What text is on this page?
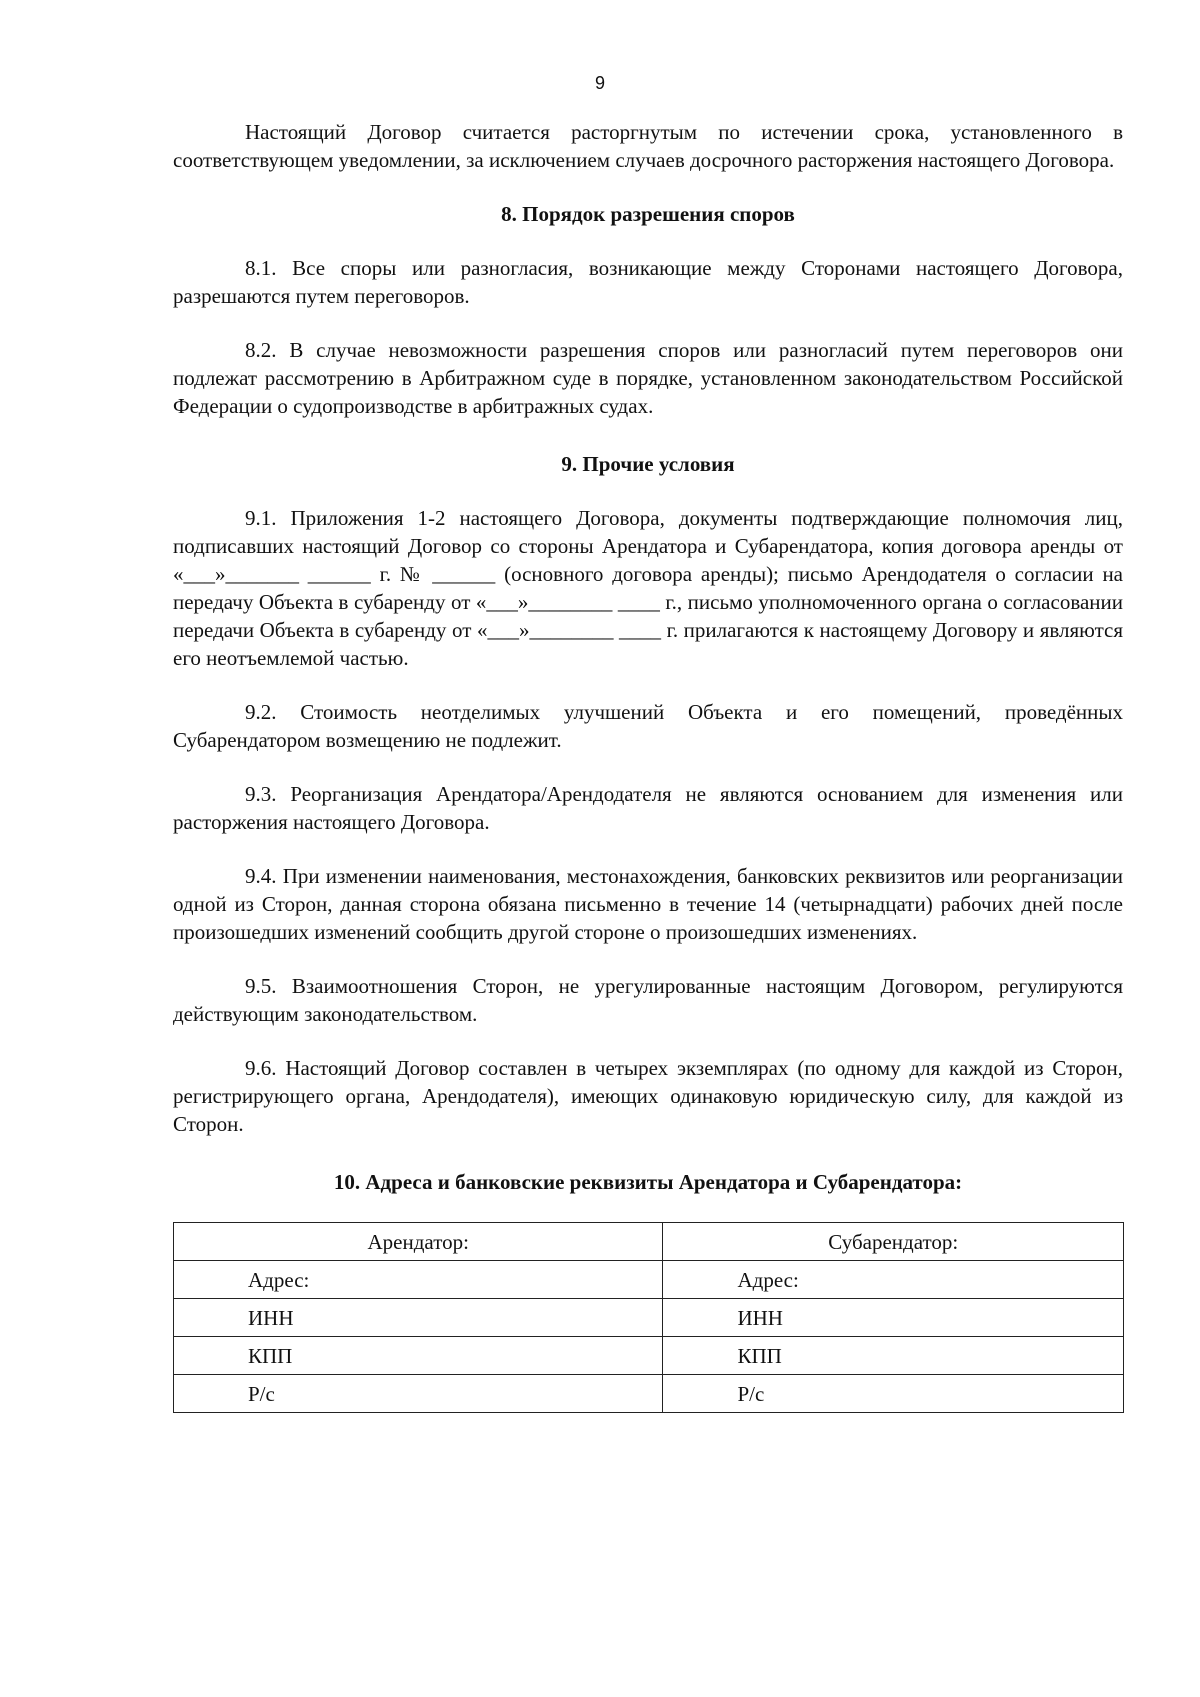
9

Настоящий Договор считается расторгнутым по истечении срока, установленного в соответствующем уведомлении, за исключением случаев досрочного расторжения настоящего Договора.

8. Порядок разрешения споров

8.1. Все споры или разногласия, возникающие между Сторонами настоящего Договора, разрешаются путем переговоров.

8.2. В случае невозможности разрешения споров или разногласий путем переговоров они подлежат рассмотрению в Арбитражном суде в порядке, установленном законодательством Российской Федерации о судопроизводстве в арбитражных судах.

9. Прочие условия

9.1. Приложения 1-2 настоящего Договора, документы подтверждающие полномочия лиц, подписавших настоящий Договор со стороны Арендатора и Субарендатора, копия договора аренды от «___»_______ ______ г. № ______ (основного договора аренды); письмо Арендодателя о согласии на передачу Объекта в субаренду от «___»________ ____ г., письмо уполномоченного органа о согласовании передачи Объекта в субаренду от «___»________ ____ г. прилагаются к настоящему Договору и являются его неотъемлемой частью.

9.2. Стоимость неотделимых улучшений Объекта и его помещений, проведённых Субарендатором возмещению не подлежит.

9.3. Реорганизация Арендатора/Арендодателя не являются основанием для изменения или расторжения настоящего Договора.

9.4. При изменении наименования, местонахождения, банковских реквизитов или реорганизации одной из Сторон, данная сторона обязана письменно в течение 14 (четырнадцати) рабочих дней после произошедших изменений сообщить другой стороне о произошедших изменениях.

9.5. Взаимоотношения Сторон, не урегулированные настоящим Договором, регулируются действующим законодательством.

9.6. Настоящий Договор составлен в четырех экземплярах (по одному для каждой из Сторон, регистрирующего органа, Арендодателя), имеющих одинаковую юридическую силу, для каждой из Сторон.

10. Адреса и банковские реквизиты Арендатора и Субарендатора:
Арендатор:	Субарендатор:
Адрес:	Адрес:
ИНН	ИНН
КПП	КПП
Р/с	Р/с
